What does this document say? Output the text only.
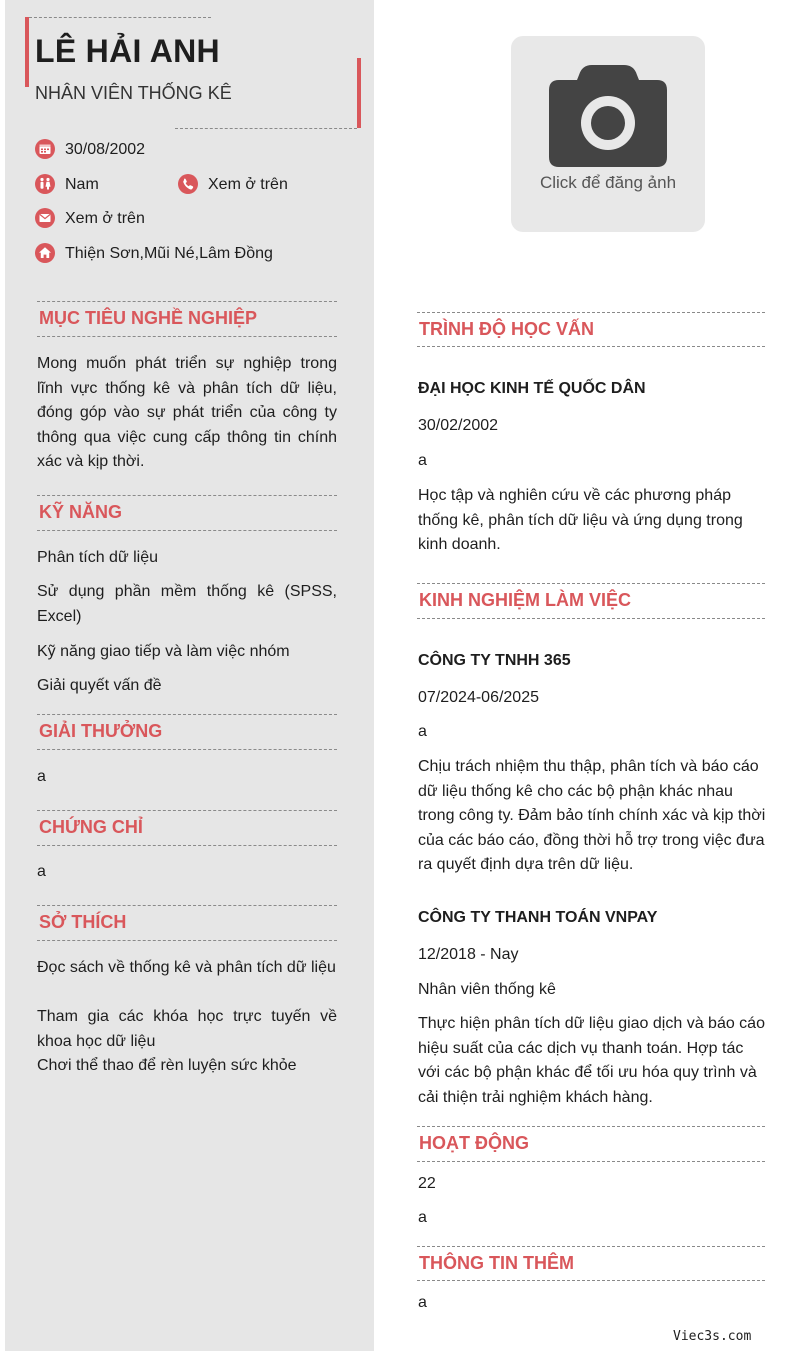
LÊ HẢI ANH
NHÂN VIÊN THỐNG KÊ
30/08/2002
Nam	Xem ở trên
Xem ở trên
Thiện Sơn,Mũi Né,Lâm Đồng
MỤC TIÊU NGHỀ NGHIỆP
Mong muốn phát triển sự nghiệp trong lĩnh vực thống kê và phân tích dữ liệu, đóng góp vào sự phát triển của công ty thông qua việc cung cấp thông tin chính xác và kịp thời.
KỸ NĂNG
Phân tích dữ liệu
Sử dụng phần mềm thống kê (SPSS, Excel)
Kỹ năng giao tiếp và làm việc nhóm
Giải quyết vấn đề
GIẢI THƯỞNG
a
CHỨNG CHỈ
a
SỞ THÍCH
Đọc sách về thống kê và phân tích dữ liệu
Tham gia các khóa học trực tuyến về khoa học dữ liệu
Chơi thể thao để rèn luyện sức khỏe
Click để đăng ảnh
TRÌNH ĐỘ HỌC VẤN
ĐẠI HỌC KINH TẾ QUỐC DÂN
30/02/2002
a
Học tập và nghiên cứu về các phương pháp thống kê, phân tích dữ liệu và ứng dụng trong kinh doanh.
KINH NGHIỆM LÀM VIỆC
CÔNG TY TNHH 365
07/2024-06/2025
a
Chịu trách nhiệm thu thập, phân tích và báo cáo dữ liệu thống kê cho các bộ phận khác nhau trong công ty. Đảm bảo tính chính xác và kịp thời của các báo cáo, đồng thời hỗ trợ trong việc đưa ra quyết định dựa trên dữ liệu.
CÔNG TY THANH TOÁN VNPAY
12/2018 - Nay
Nhân viên thống kê
Thực hiện phân tích dữ liệu giao dịch và báo cáo hiệu suất của các dịch vụ thanh toán. Hợp tác với các bộ phận khác để tối ưu hóa quy trình và cải thiện trải nghiệm khách hàng.
HOẠT ĐỘNG
22
a
THÔNG TIN THÊM
a
Viec3s.com
